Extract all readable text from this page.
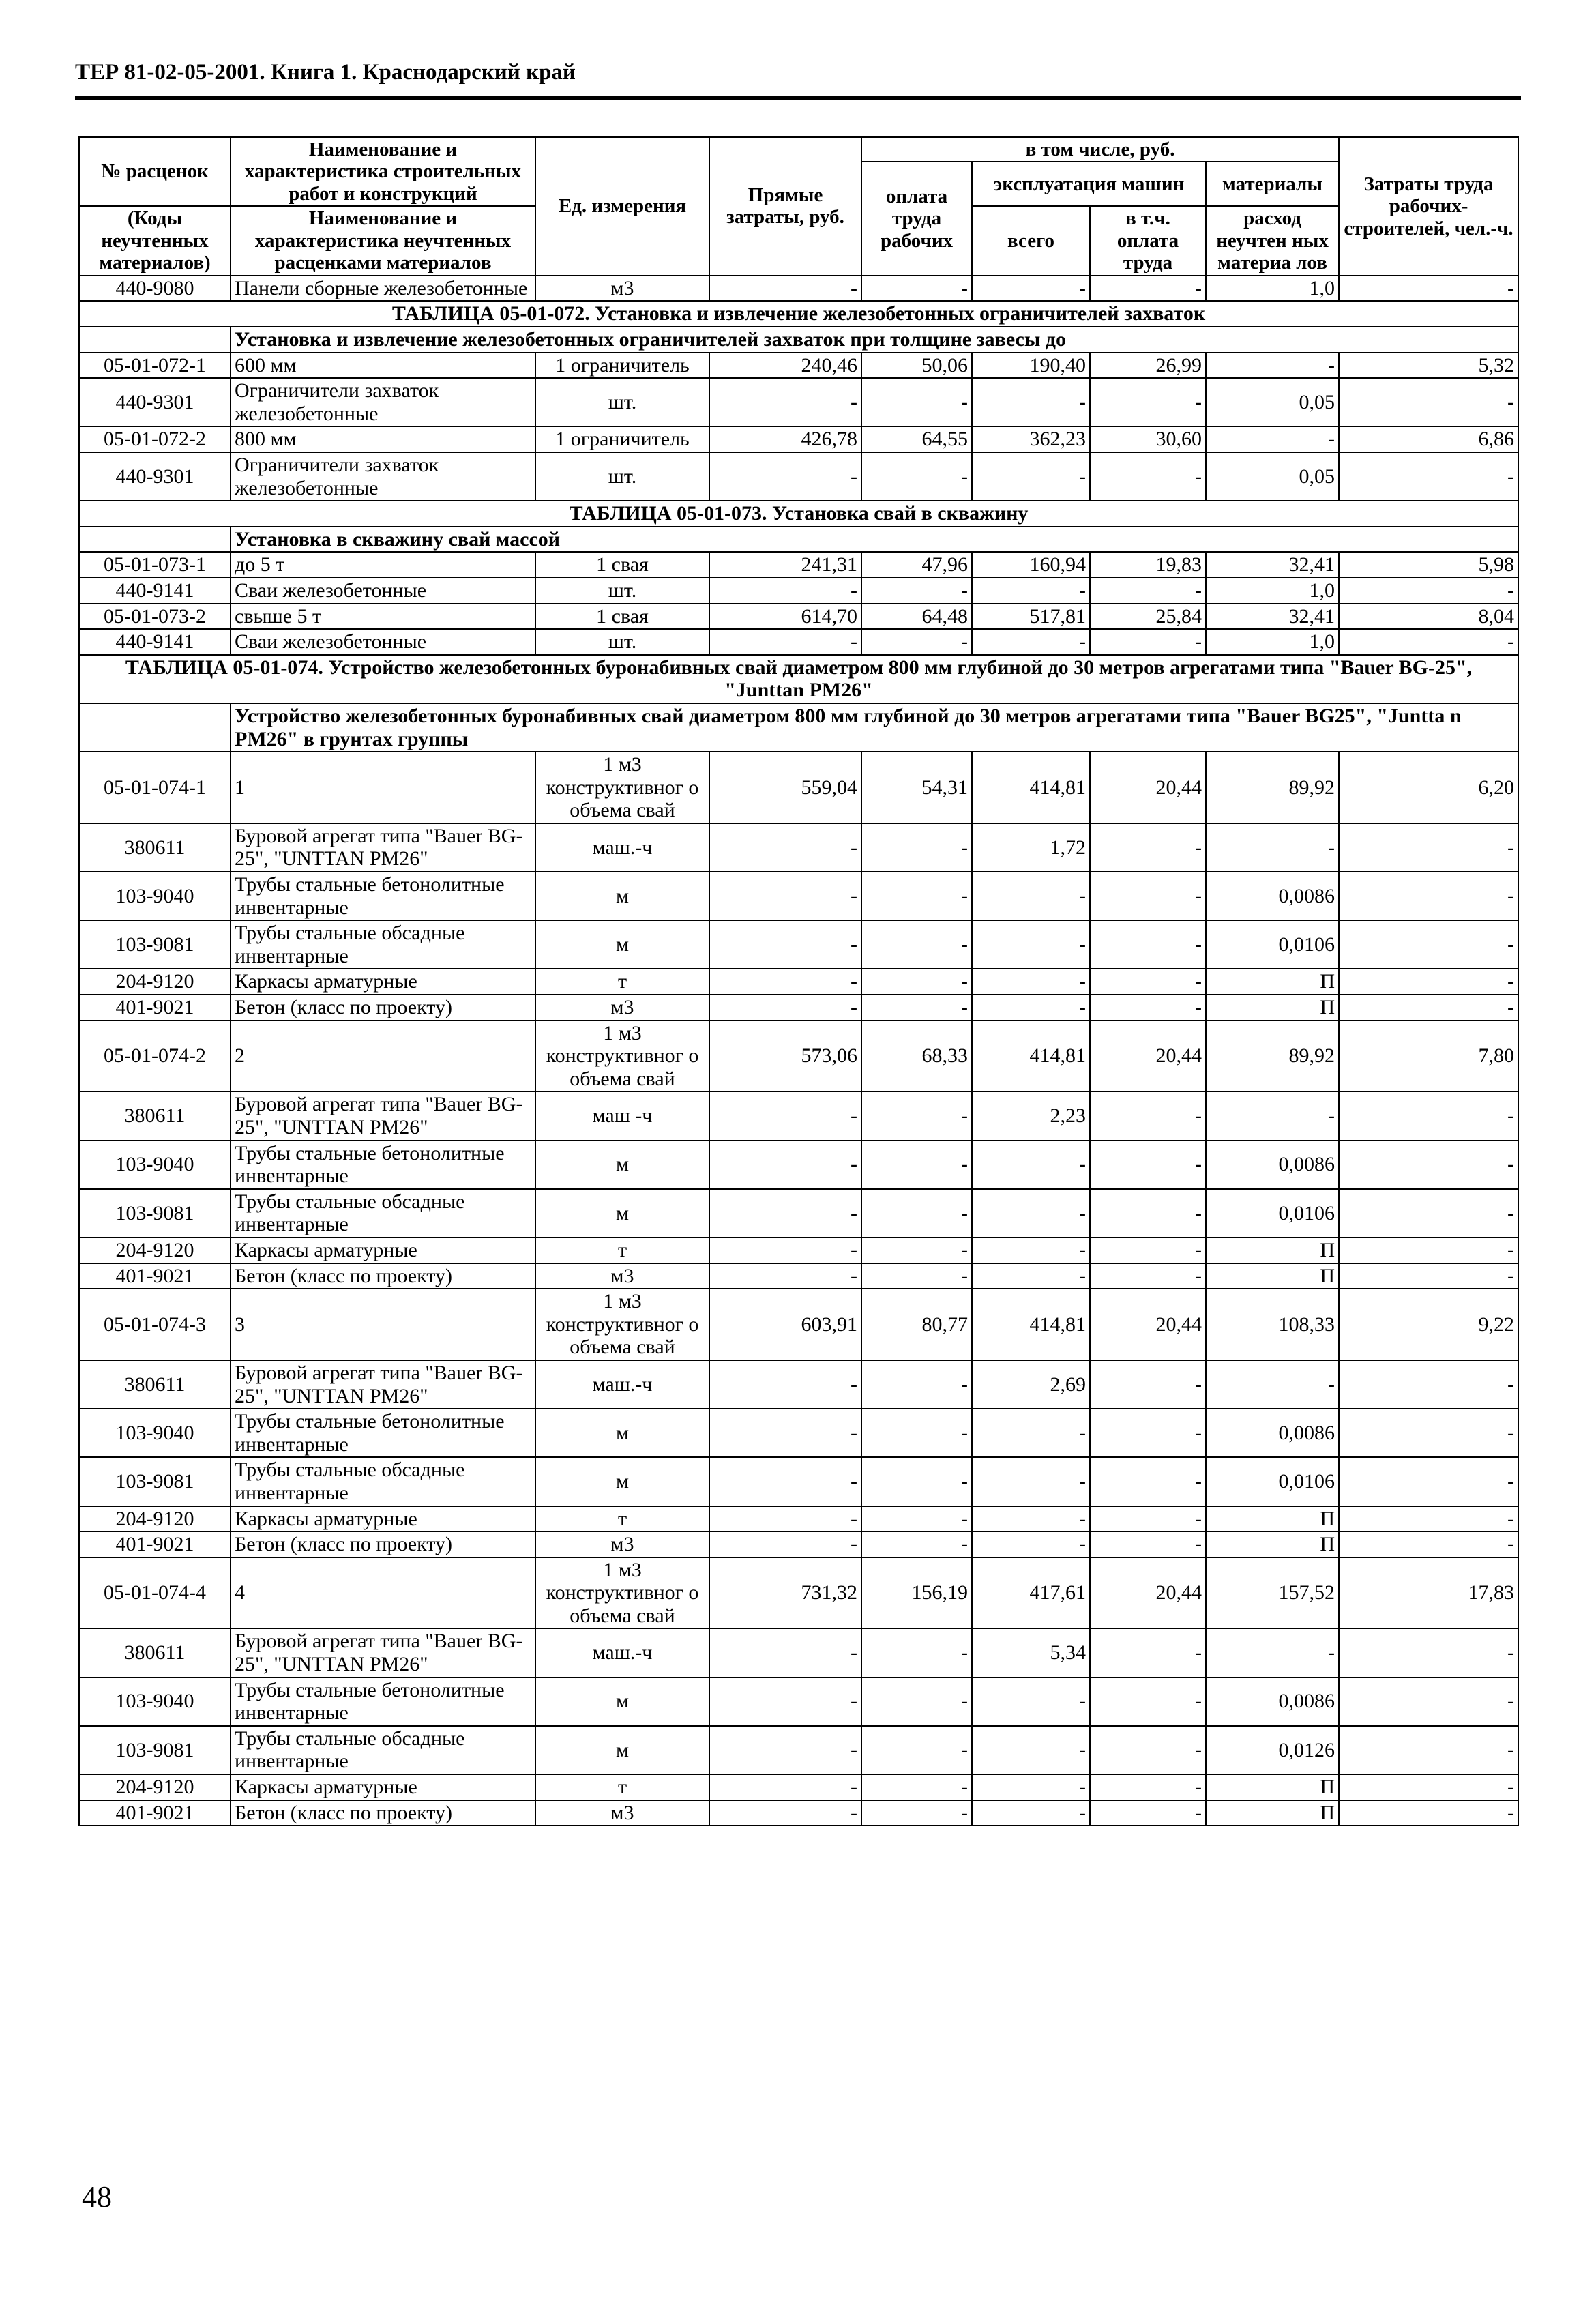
ТЕР 81-02-05-2001. Книга 1. Краснодарский край
№ расценок	Наименование и характеристика строительных работ и конструкций	Ед. измерения	Прямые затраты, руб.	в том числе, руб.				Затраты труда рабочих-строителей, чел.-ч.
				оплата труда рабочих	эксплуатация машин		материалы	

(Коды неучтенных материалов)	Наименование и характеристика неучтенных расценками материалов				всего	в т.ч. оплата труда	расход неучтен ных материа лов	

440-9080	Панели сборные железобетонные	м3	-	-	-	-	1,0	-
ТАБЛИЦА 05-01-072. Установка и извлечение железобетонных ограничителей захваток								
	Установка и извлечение железобетонных ограничителей захваток при толщине завесы до							
05-01-072-1	600 мм	1 ограничитель	240,46	50,06	190,40	26,99	-	5,32
440-9301	Ограничители захваток железобетонные	шт.	-	-	-	-	0,05	-
05-01-072-2	800 мм	1 ограничитель	426,78	64,55	362,23	30,60	-	6,86
440-9301	Ограничители захваток железобетонные	шт.	-	-	-	-	0,05	-
ТАБЛИЦА 05-01-073. Установка свай в скважину								
	Установка в скважину свай массой							
05-01-073-1	до 5 т	1 свая	241,31	47,96	160,94	19,83	32,41	5,98
440-9141	Сваи железобетонные	шт.	-	-	-	-	1,0	-
05-01-073-2	свыше 5 т	1 свая	614,70	64,48	517,81	25,84	32,41	8,04
440-9141	Сваи железобетонные	шт.	-	-	-	-	1,0	-
ТАБЛИЦА 05-01-074. Устройство железобетонных буронабивных свай диаметром 800 мм глубиной до 30 метров агрегатами типа "Bauer BG-25", "Junttan PM26"								
	Устройство железобетонных буронабивных свай диаметром 800 мм глубиной до 30 метров агрегатами типа "Bauer BG25", "Juntta n PM26" в грунтах группы							
05-01-074-1	1	1 м3 конструктивног о объема свай	559,04	54,31	414,81	20,44	89,92	6,20
380611	Буровой агрегат типа "Bauer BG-25", "UNTTAN PM26"	маш.-ч	-	-	1,72	-	-	-
103-9040	Трубы стальные бетонолитные инвентарные	м	-	-	-	-	0,0086	-
103-9081	Трубы стальные обсадные инвентарные	м	-	-	-	-	0,0106	-
204-9120	Каркасы арматурные	т	-	-	-	-	П	-
401-9021	Бетон (класс по проекту)	м3	-	-	-	-	П	-
05-01-074-2	2	1 м3 конструктивног о объема свай	573,06	68,33	414,81	20,44	89,92	7,80
380611	Буровой агрегат типа "Bauer BG-25", "UNTTAN PM26"	маш -ч	-	-	2,23	-	-	-
103-9040	Трубы стальные бетонолитные инвентарные	м	-	-	-	-	0,0086	-
103-9081	Трубы стальные обсадные инвентарные	м	-	-	-	-	0,0106	-
204-9120	Каркасы арматурные	т	-	-	-	-	П	-
401-9021	Бетон (класс по проекту)	м3	-	-	-	-	П	-
05-01-074-3	3	1 м3 конструктивног о объема свай	603,91	80,77	414,81	20,44	108,33	9,22
380611	Буровой агрегат типа "Bauer BG-25", "UNTTAN PM26"	маш.-ч	-	-	2,69	-	-	-
103-9040	Трубы стальные бетонолитные инвентарные	м	-	-	-	-	0,0086	-
103-9081	Трубы стальные обсадные инвентарные	м	-	-	-	-	0,0106	-
204-9120	Каркасы арматурные	т	-	-	-	-	П	-
401-9021	Бетон (класс по проекту)	м3	-	-	-	-	П	-
05-01-074-4	4	1 м3 конструктивног о объема свай	731,32	156,19	417,61	20,44	157,52	17,83
380611	Буровой агрегат типа "Bauer BG-25", "UNTTAN PM26"	маш.-ч	-	-	5,34	-	-	-
103-9040	Трубы стальные бетонолитные инвентарные	м	-	-	-	-	0,0086	-
103-9081	Трубы стальные обсадные инвентарные	м	-	-	-	-	0,0126	-
204-9120	Каркасы арматурные	т	-	-	-	-	П	-
401-9021	Бетон (класс по проекту)	м3	-	-	-	-	П	-
48
